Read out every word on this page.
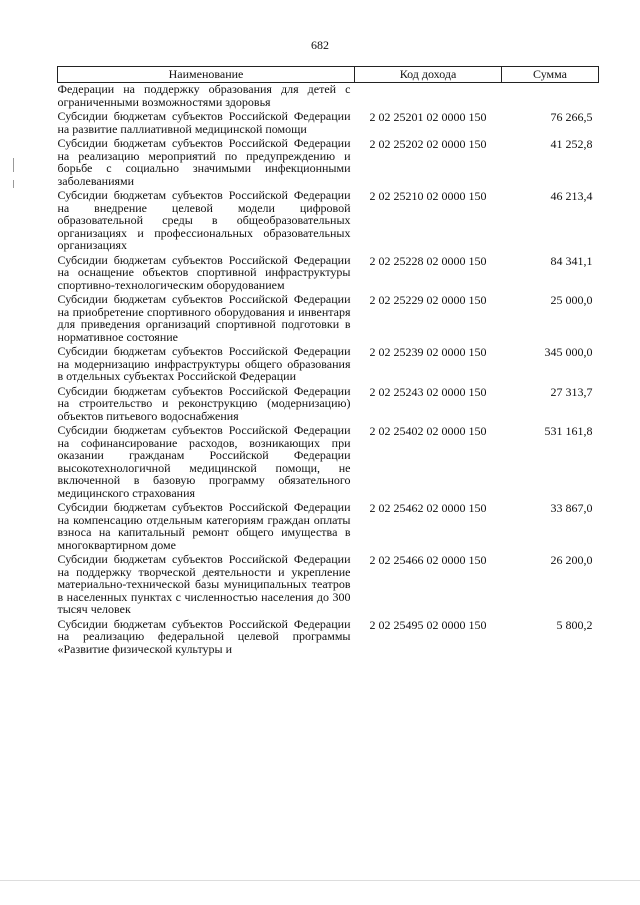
682
Наименование	Код дохода	Сумма
Федерации на поддержку образования для детей с ограниченными возможностями здоровья		
Субсидии бюджетам субъектов Российской Федерации на развитие паллиативной медицинской помощи	2 02 25201 02 0000 150	76 266,5
Субсидии бюджетам субъектов Российской Федерации на реализацию мероприятий по предупреждению и борьбе с социально значимыми инфекционными заболеваниями	2 02 25202 02 0000 150	41 252,8
Субсидии бюджетам субъектов Российской Федерации на внедрение целевой модели цифровой образовательной среды в общеобразовательных организациях и профессиональных образовательных организациях	2 02 25210 02 0000 150	46 213,4
Субсидии бюджетам субъектов Российской Федерации на оснащение объектов спортивной инфраструктуры спортивно-технологическим оборудованием	2 02 25228 02 0000 150	84 341,1
Субсидии бюджетам субъектов Российской Федерации на приобретение спортивного оборудования и инвентаря для приведения организаций спортивной подготовки в нормативное состояние	2 02 25229 02 0000 150	25 000,0
Субсидии бюджетам субъектов Российской Федерации на модернизацию инфраструктуры общего образования в отдельных субъектах Российской Федерации	2 02 25239 02 0000 150	345 000,0
Субсидии бюджетам субъектов Российской Федерации на строительство и реконструкцию (модернизацию) объектов питьевого водоснабжения	2 02 25243 02 0000 150	27 313,7
Субсидии бюджетам субъектов Российской Федерации на софинансирование расходов, возникающих при оказании гражданам Российской Федерации высокотехнологичной медицинской помощи, не включенной в базовую программу обязательного медицинского страхования	2 02 25402 02 0000 150	531 161,8
Субсидии бюджетам субъектов Российской Федерации на компенсацию отдельным категориям граждан оплаты взноса на капитальный ремонт общего имущества в многоквартирном доме	2 02 25462 02 0000 150	33 867,0
Субсидии бюджетам субъектов Российской Федерации на поддержку творческой деятельности и укрепление материально-технической базы муниципальных театров в населенных пунктах с численностью населения до 300 тысяч человек	2 02 25466 02 0000 150	26 200,0
Субсидии бюджетам субъектов Российской Федерации на реализацию федеральной целевой программы «Развитие физической культуры и	2 02 25495 02 0000 150	5 800,2
